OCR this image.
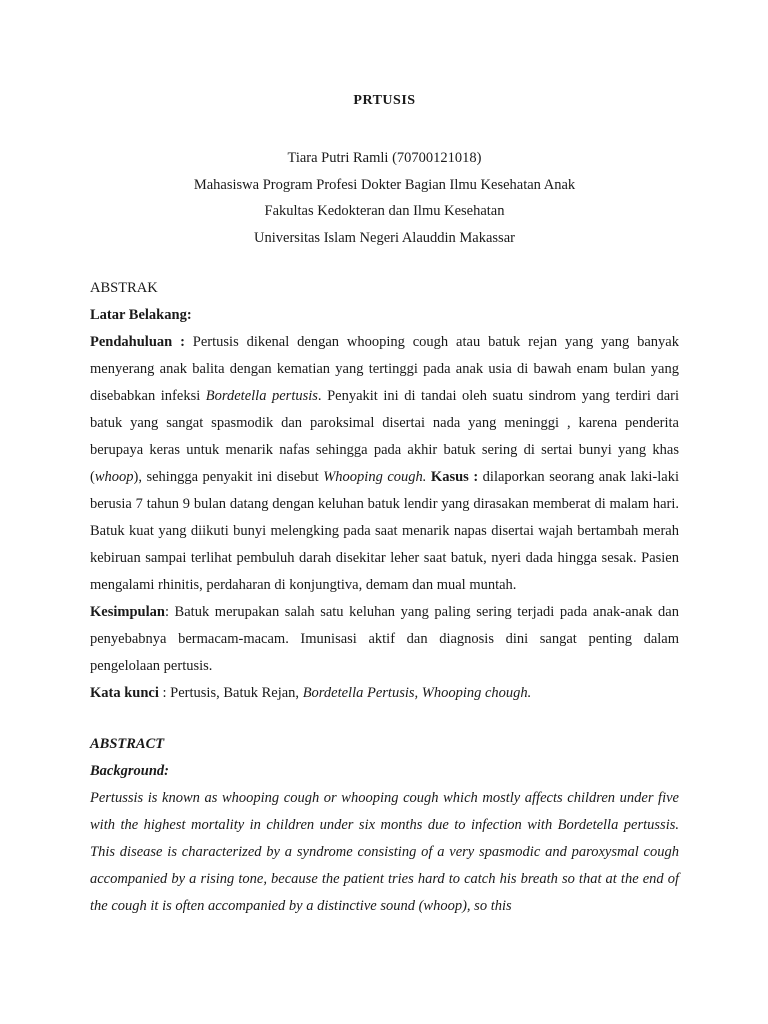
PRTUSIS
Tiara Putri Ramli (70700121018)
Mahasiswa Program Profesi Dokter Bagian Ilmu Kesehatan Anak
Fakultas Kedokteran dan Ilmu Kesehatan
Universitas Islam Negeri Alauddin Makassar
ABSTRAK
Latar Belakang:

Pendahuluan : Pertusis dikenal dengan whooping cough atau batuk rejan yang yang banyak menyerang anak balita dengan kematian yang tertinggi pada anak usia di bawah enam bulan yang disebabkan infeksi Bordetella pertusis. Penyakit ini di tandai oleh suatu sindrom yang terdiri dari batuk yang sangat spasmodik dan paroksimal disertai nada yang meninggi , karena penderita berupaya keras untuk menarik nafas sehingga pada akhir batuk sering di sertai bunyi yang khas (whoop), sehingga penyakit ini disebut Whooping cough. Kasus : dilaporkan seorang anak laki-laki berusia 7 tahun 9 bulan datang dengan keluhan batuk lendir yang dirasakan memberat di malam hari. Batuk kuat yang diikuti bunyi melengking pada saat menarik napas disertai wajah bertambah merah kebiruan sampai terlihat pembuluh darah disekitar leher saat batuk, nyeri dada hingga sesak. Pasien mengalami rhinitis, perdaharan di konjungtiva, demam dan mual muntah.

Kesimpulan: Batuk merupakan salah satu keluhan yang paling sering terjadi pada anak-anak dan penyebabnya bermacam-macam. Imunisasi aktif dan diagnosis dini sangat penting dalam pengelolaan pertusis.

Kata kunci : Pertusis, Batuk Rejan, Bordetella Pertusis, Whooping chough.

ABSTRACT
Background:

Pertussis is known as whooping cough or whooping cough which mostly affects children under five with the highest mortality in children under six months due to infection with Bordetella pertussis. This disease is characterized by a syndrome consisting of a very spasmodic and paroxysmal cough accompanied by a rising tone, because the patient tries hard to catch his breath so that at the end of the cough it is often accompanied by a distinctive sound (whoop), so this
